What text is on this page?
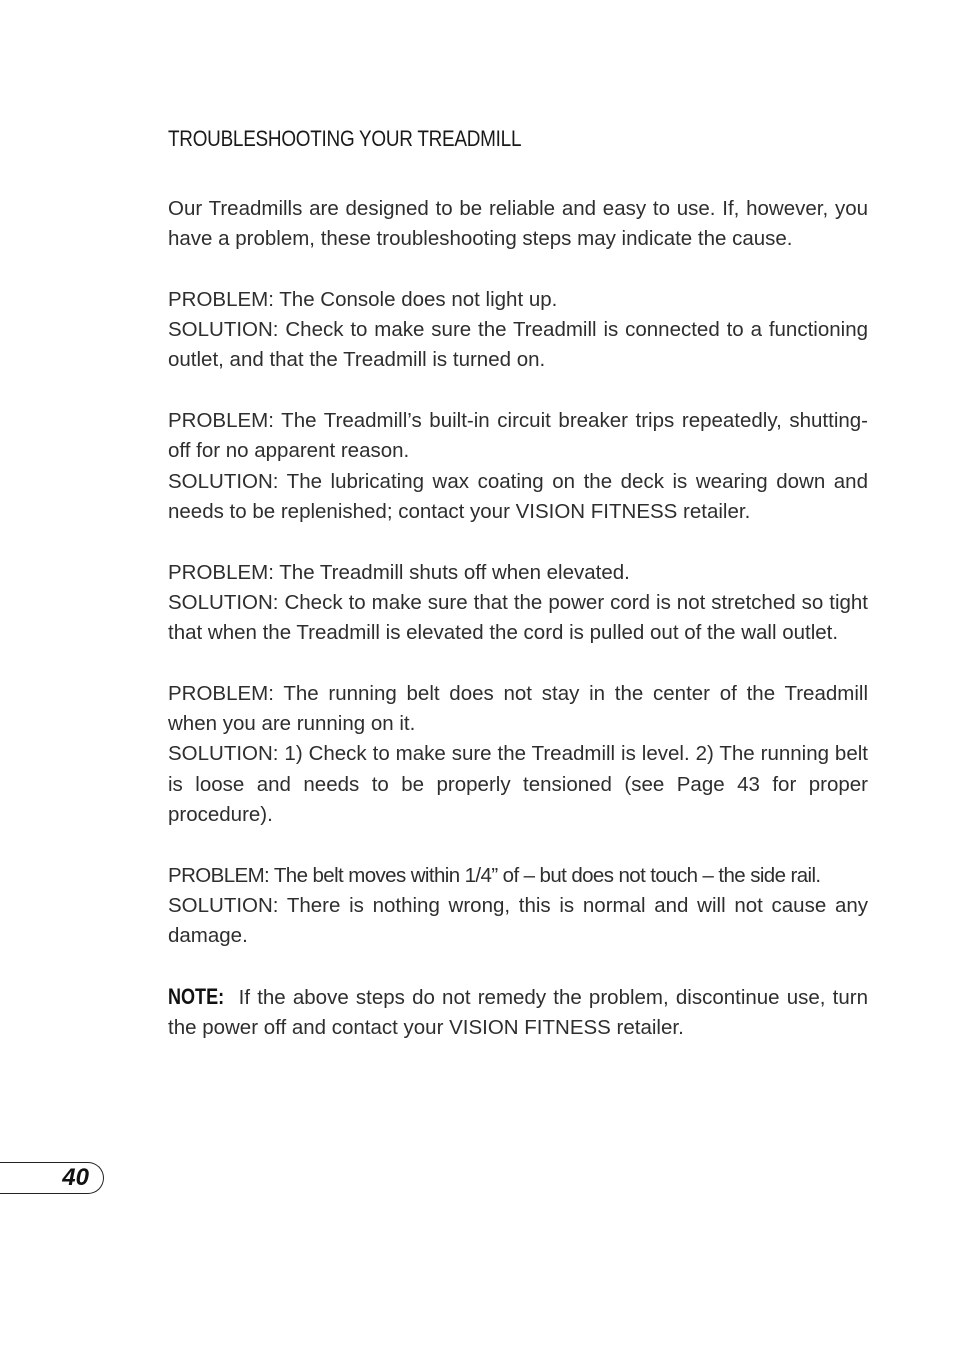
TROUBLESHOOTING YOUR TREADMILL

Our Treadmills are designed to be reliable and easy to use. If, however, you have a problem, these troubleshooting steps may indicate the cause.

PROBLEM: The Console does not light up.

SOLUTION: Check to make sure the Treadmill is connected to a functioning outlet, and that the Treadmill is turned on.

PROBLEM: The Treadmill’s built-in circuit breaker trips repeatedly, shutting-off for no apparent reason.

SOLUTION: The lubricating wax coating on the deck is wearing down and needs to be replenished; contact your VISION FITNESS retailer.

PROBLEM: The Treadmill shuts off when elevated.

SOLUTION: Check to make sure that the power cord is not stretched so tight that when the Treadmill is elevated the cord is pulled out of the wall outlet.

PROBLEM: The running belt does not stay in the center of the Treadmill when you are running on it.

SOLUTION: 1) Check to make sure the Treadmill is level. 2) The running belt is loose and needs to be properly tensioned (see Page 43 for proper procedure).

PROBLEM: The belt moves within 1/4” of – but does not touch – the side rail.

SOLUTION: There is nothing wrong, this is normal and will not cause any damage.

NOTE: If the above steps do not remedy the problem, discontinue use, turn the power off and contact your VISION FITNESS retailer.

40
